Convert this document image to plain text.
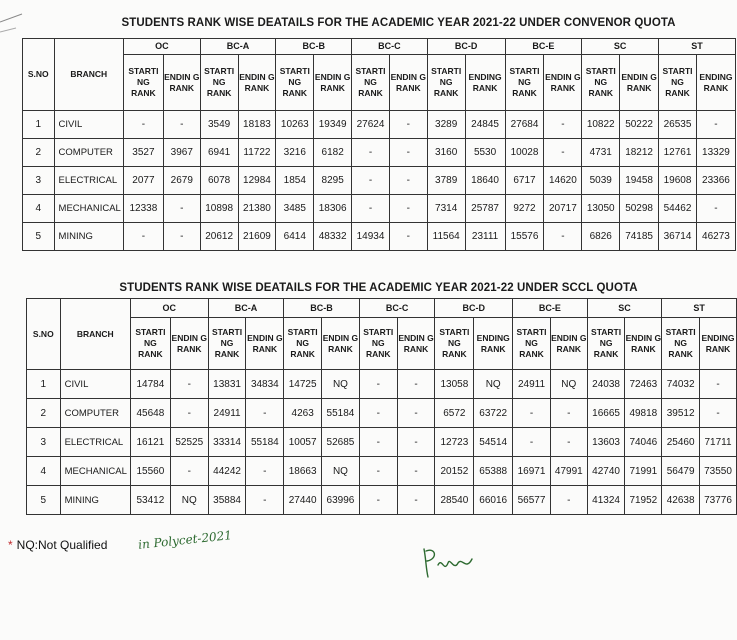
STUDENTS RANK WISE DEATAILS FOR THE ACADEMIC YEAR 2021-22 UNDER CONVENOR QUOTA
S.NO	BRANCH	OC		BC-A		BC-B		BC-C		BC-D		BC-E		SC		ST	
		STARTI NG RANK	ENDIN G RANK	STARTI NG RANK	ENDIN G RANK	STARTI NG RANK	ENDIN G RANK	STARTI NG RANK	ENDIN G RANK	STARTI NG RANK	ENDING RANK	STARTI NG RANK	ENDIN G RANK	STARTI NG RANK	ENDIN G RANK	STARTI NG RANK	ENDING RANK
1	CIVIL	-	-	3549	18183	10263	19349	27624	-	3289	24845	27684	-	10822	50222	26535	-
2	COMPUTER	3527	3967	6941	11722	3216	6182	-	-	3160	5530	10028	-	4731	18212	12761	13329
3	ELECTRICAL	2077	2679	6078	12984	1854	8295	-	-	3789	18640	6717	14620	5039	19458	19608	23366
4	MECHANICAL	12338	-	10898	21380	3485	18306	-	-	7314	25787	9272	20717	13050	50298	54462	-
5	MINING	-	-	20612	21609	6414	48332	14934	-	11564	23111	15576	-	6826	74185	36714	46273
STUDENTS RANK WISE DEATAILS FOR THE ACADEMIC YEAR 2021-22 UNDER SCCL QUOTA
S.NO	BRANCH	OC		BC-A		BC-B		BC-C		BC-D		BC-E		SC		ST	
		STARTI NG RANK	ENDIN G RANK	STARTI NG RANK	ENDIN G RANK	STARTI NG RANK	ENDIN G RANK	STARTI NG RANK	ENDIN G RANK	STARTI NG RANK	ENDING RANK	STARTI NG RANK	ENDIN G RANK	STARTI NG RANK	ENDIN G RANK	STARTI NG RANK	ENDING RANK
1	CIVIL	14784	-	13831	34834	14725	NQ	-	-	13058	NQ	24911	NQ	24038	72463	74032	-
2	COMPUTER	45648	-	24911	-	4263	55184	-	-	6572	63722	-	-	16665	49818	39512	-
3	ELECTRICAL	16121	52525	33314	55184	10057	52685	-	-	12723	54514	-	-	13603	74046	25460	71711
4	MECHANICAL	15560	-	44242	-	18663	NQ	-	-	20152	65388	16971	47991	42740	71991	56479	73550
5	MINING	53412	NQ	35884	-	27440	63996	-	-	28540	66016	56577	-	41324	71952	42638	73776
* NQ:Not Qualified	in Polycet-2021
